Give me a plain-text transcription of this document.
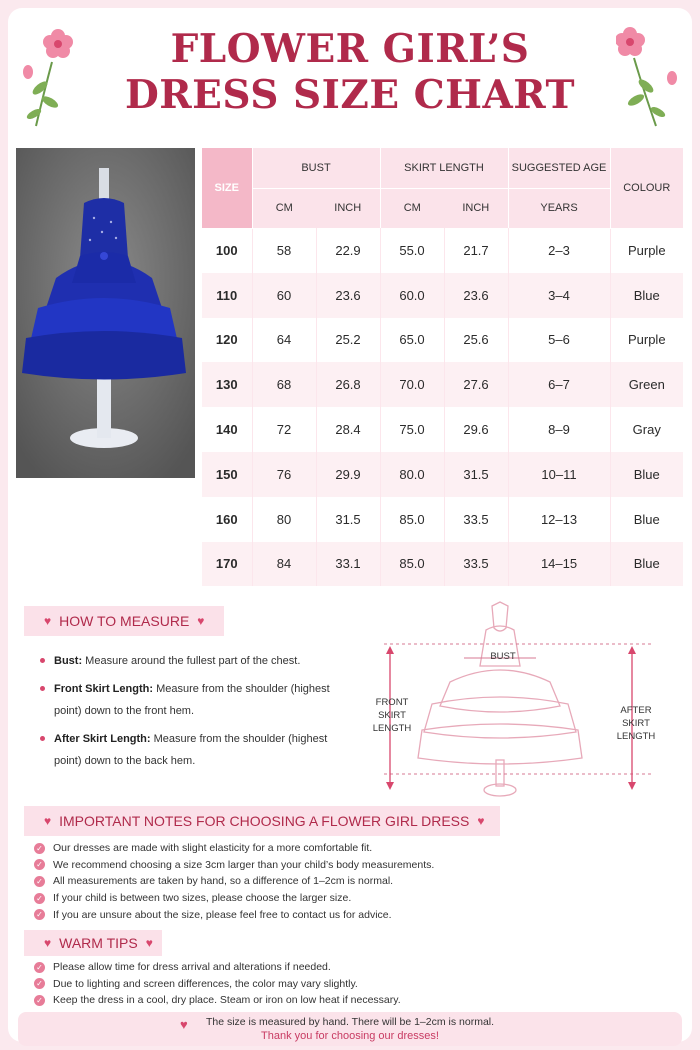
FLOWER GIRL’S
DRESS SIZE CHART
SIZE	BUST		SKIRT LENGTH		SUGGESTED AGE	COLOUR
	CM	INCH	CM	INCH	YEARS	
100	58	22.9	55.0	21.7	2–3	Purple
110	60	23.6	60.0	23.6	3–4	Blue
120	64	25.2	65.0	25.6	5–6	Purple
130	68	26.8	70.0	27.6	6–7	Green
140	72	28.4	75.0	29.6	8–9	Gray
150	76	29.9	80.0	31.5	10–11	Blue
160	80	31.5	85.0	33.5	12–13	Blue
170	84	33.1	85.0	33.5	14–15	Blue
♥ HOW TO MEASURE ♥
Bust: Measure around the fullest part of the chest.
Front Skirt Length: Measure from the shoulder (highest point) down to the front hem.
After Skirt Length: Measure from the shoulder (highest point) down to the back hem.
BUST
FRONT SKIRT LENGTH
AFTER SKIRT LENGTH
♥ IMPORTANT NOTES FOR CHOOSING A FLOWER GIRL DRESS ♥
✓ Our dresses are made with slight elasticity for a more comfortable fit.
✓ We recommend choosing a size 3cm larger than your child’s body measurements.
✓ All measurements are taken by hand, so a difference of 1–2cm is normal.
✓ If your child is between two sizes, please choose the larger size.
✓ If you are unsure about the size, please feel free to contact us for advice.
♥ WARM TIPS ♥
✓ Please allow time for dress arrival and alterations if needed.
✓ Due to lighting and screen differences, the color may vary slightly.
✓ Keep the dress in a cool, dry place. Steam or iron on low heat if necessary.
♥	The size is measured by hand. There will be 1–2cm is normal.
Thank you for choosing our dresses!
